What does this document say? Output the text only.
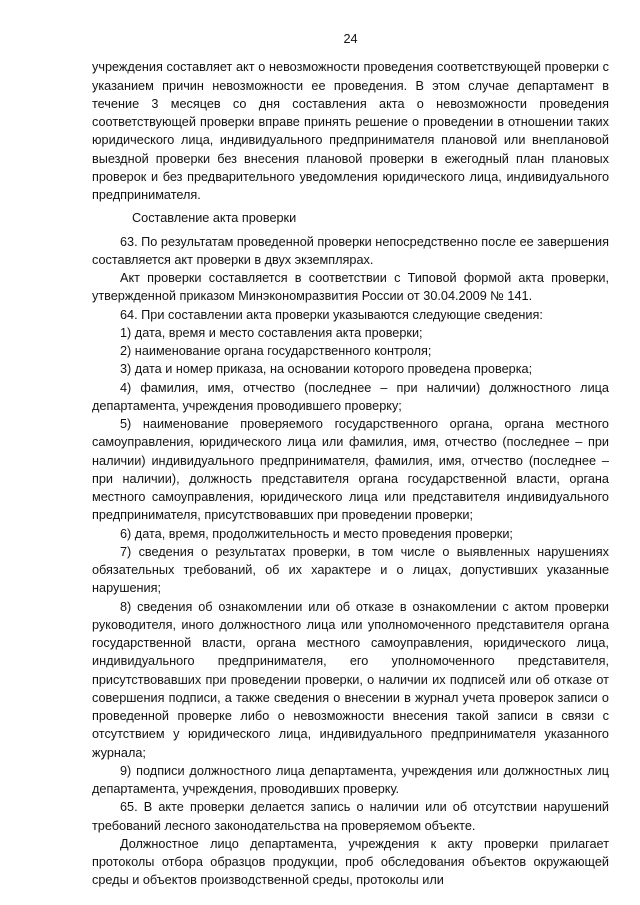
24

учреждения составляет акт о невозможности проведения соответствующей проверки с указанием причин невозможности ее проведения. В этом случае департамент в течение 3 месяцев со дня составления акта о невозможности проведения соответствующей проверки вправе принять решение о проведении в отношении таких юридического лица, индивидуального предпринимателя плановой или внеплановой выездной проверки без внесения плановой проверки в ежегодный план плановых проверок и без предварительного уведомления юридического лица, индивидуального предпринимателя.

Составление акта проверки

63. По результатам проведенной проверки непосредственно после ее завершения составляется акт проверки в двух экземплярах.

Акт проверки составляется в соответствии с Типовой формой акта проверки, утвержденной приказом Минэкономразвития России от 30.04.2009 № 141.

64. При составлении акта проверки указываются следующие сведения:

1) дата, время и место составления акта проверки;

2) наименование органа государственного контроля;

3) дата и номер приказа, на основании которого проведена проверка;

4) фамилия, имя, отчество (последнее – при наличии) должностного лица департамента, учреждения проводившего проверку;

5) наименование проверяемого государственного органа, органа местного самоуправления, юридического лица или фамилия, имя, отчество (последнее – при наличии) индивидуального предпринимателя, фамилия, имя, отчество (последнее – при наличии), должность представителя органа государственной власти, органа местного самоуправления, юридического лица или представителя индивидуального предпринимателя, присутствовавших при проведении проверки;

6) дата, время, продолжительность и место проведения проверки;

7) сведения о результатах проверки, в том числе о выявленных нарушениях обязательных требований, об их характере и о лицах, допустивших указанные нарушения;

8) сведения об ознакомлении или об отказе в ознакомлении с актом проверки руководителя, иного должностного лица или уполномоченного представителя органа государственной власти, органа местного самоуправления, юридического лица, индивидуального предпринимателя, его уполномоченного представителя, присутствовавших при проведении проверки, о наличии их подписей или об отказе от совершения подписи, а также сведения о внесении в журнал учета проверок записи о проведенной проверке либо о невозможности внесения такой записи в связи с отсутствием у юридического лица, индивидуального предпринимателя указанного журнала;

9) подписи должностного лица департамента, учреждения или должностных лиц департамента, учреждения, проводивших проверку.

65. В акте проверки делается запись о наличии или об отсутствии нарушений требований лесного законодательства на проверяемом объекте.

Должностное лицо департамента, учреждения к акту проверки прилагает протоколы отбора образцов продукции, проб обследования объектов окружающей среды и объектов производственной среды, протоколы или
